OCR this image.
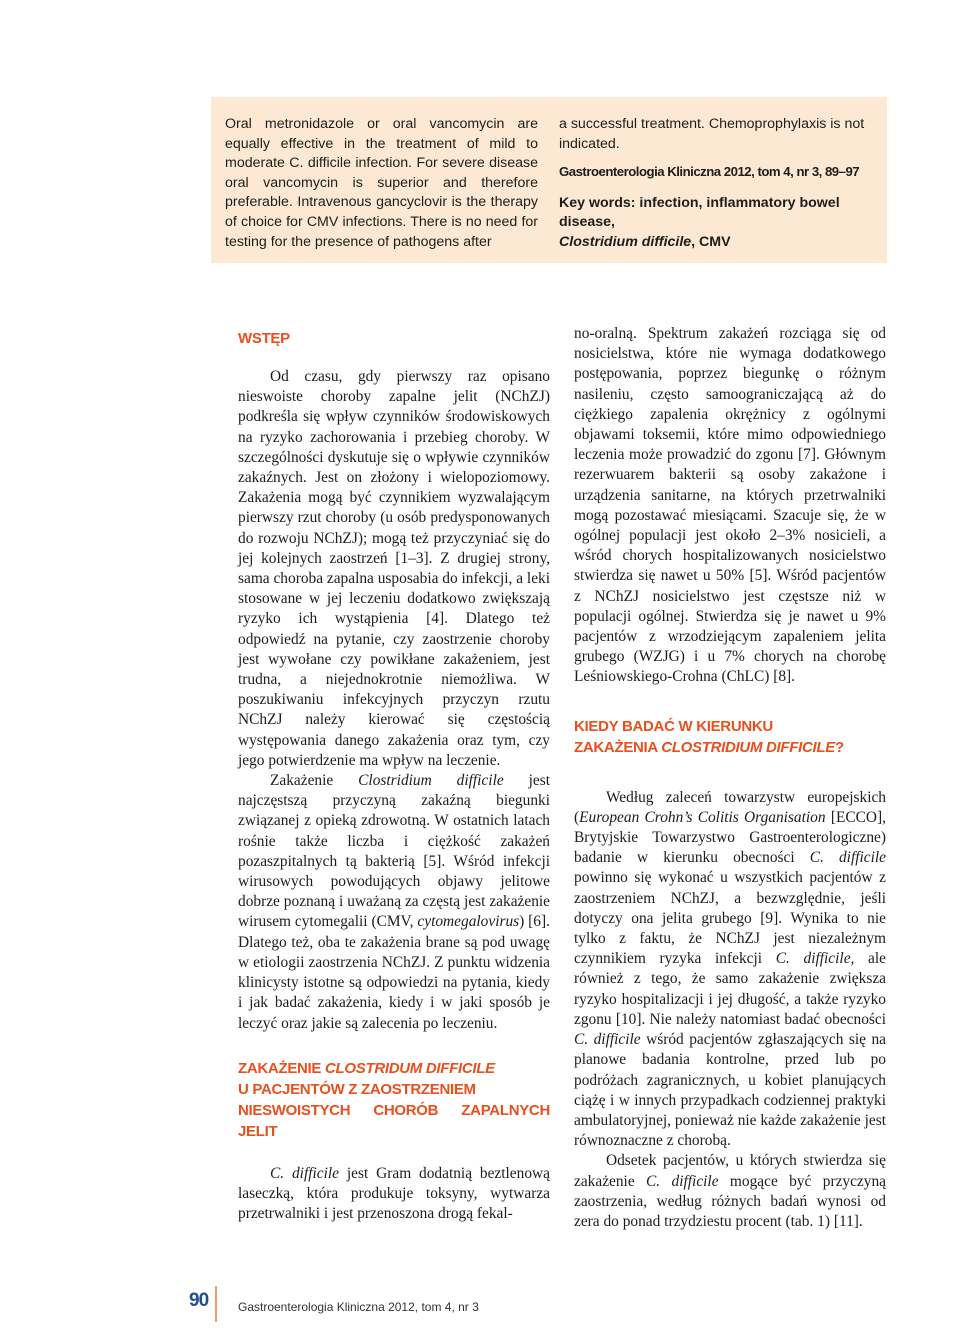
Oral metronidazole or oral vancomycin are equally effective in the treatment of mild to moderate C. difficile infection. For severe disease oral vancomycin is superior and therefore preferable. Intravenous gancyclovir is the therapy of choice for CMV infections. There is no need for testing for the presence of pathogens after
a successful treatment. Chemoprophylaxis is not indicated.
Gastroenterologia Kliniczna 2012, tom 4, nr 3, 89–97
Key words: infection, inflammatory bowel disease,
Clostridium difficile, CMV
WSTĘP

Od czasu, gdy pierwszy raz opisano nieswoiste choroby zapalne jelit (NChZJ) podkreśla się wpływ czynników środowiskowych na ryzyko zachorowania i przebieg choroby. W szczególności dyskutuje się o wpływie czynników zakaźnych. Jest on złożony i wielopoziomowy. Zakażenia mogą być czynnikiem wyzwalającym pierwszy rzut choroby (u osób predysponowanych do rozwoju NChZJ); mogą też przyczyniać się do jej kolejnych zaostrzeń [1–3]. Z drugiej strony, sama choroba zapalna usposabia do infekcji, a leki stosowane w jej leczeniu dodatkowo zwiększają ryzyko ich wystąpienia [4]. Dlatego też odpowiedź na pytanie, czy zaostrzenie choroby jest wywołane czy powikłane zakażeniem, jest trudna, a niejednokrotnie niemożliwa. W poszukiwaniu infekcyjnych przyczyn rzutu NChZJ należy kierować się częstością występowania danego zakażenia oraz tym, czy jego potwierdzenie ma wpływ na leczenie.

Zakażenie Clostridium difficile jest najczęstszą przyczyną zakaźną biegunki związanej z opieką zdrowotną. W ostatnich latach rośnie także liczba i ciężkość zakażeń pozaszpitalnych tą bakterią [5]. Wśród infekcji wirusowych powodujących objawy jelitowe dobrze poznaną i uważaną za częstą jest zakażenie wirusem cytomegalii (CMV, cytomegalovirus) [6]. Dlatego też, oba te zakażenia brane są pod uwagę w etiologii zaostrzenia NChZJ. Z punktu widzenia klinicysty istotne są odpowiedzi na pytania, kiedy i jak badać zakażenia, kiedy i w jaki sposób je leczyć oraz jakie są zalecenia po leczeniu.

ZAKAŻENIE CLOSTRIDUM DIFFICILE
U PACJENTÓW Z ZAOSTRZENIEM
NIESWOISTYCH CHORÓB ZAPALNYCH JELIT

C. difficile jest Gram dodatnią beztlenową laseczką, która produkuje toksyny, wytwarza przetrwalniki i jest przenoszona drogą fekal-

no-oralną. Spektrum zakażeń rozciąga się od nosicielstwa, które nie wymaga dodatkowego postępowania, poprzez biegunkę o różnym nasileniu, często samoograniczającą aż do ciężkiego zapalenia okrężnicy z ogólnymi objawami toksemii, które mimo odpowiedniego leczenia może prowadzić do zgonu [7]. Głównym rezerwuarem bakterii są osoby zakażone i urządzenia sanitarne, na których przetrwalniki mogą pozostawać miesiącami. Szacuje się, że w ogólnej populacji jest około 2–3% nosicieli, a wśród chorych hospitalizowanych nosicielstwo stwierdza się nawet u 50% [5]. Wśród pacjentów z NChZJ nosicielstwo jest częstsze niż w populacji ogólnej. Stwierdza się je nawet u 9% pacjentów z wrzodziejącym zapaleniem jelita grubego (WZJG) i u 7% chorych na chorobę Leśniowskiego-Crohna (ChLC) [8].

KIEDY BADAĆ W KIERUNKU
ZAKAŻENIA CLOSTRIDIUM DIFFICILE?

Według zaleceń towarzystw europejskich (European Crohn’s Colitis Organisation [ECCO], Brytyjskie Towarzystwo Gastroenterologiczne) badanie w kierunku obecności C. difficile powinno się wykonać u wszystkich pacjentów z zaostrzeniem NChZJ, a bezwzględnie, jeśli dotyczy ona jelita grubego [9]. Wynika to nie tylko z faktu, że NChZJ jest niezależnym czynnikiem ryzyka infekcji C. difficile, ale również z tego, że samo zakażenie zwiększa ryzyko hospitalizacji i jej długość, a także ryzyko zgonu [10]. Nie należy natomiast badać obecności C. difficile wśród pacjentów zgłaszających się na planowe badania kontrolne, przed lub po podróżach zagranicznych, u kobiet planujących ciążę i w innych przypadkach codziennej praktyki ambulatoryjnej, ponieważ nie każde zakażenie jest równoznaczne z chorobą.

Odsetek pacjentów, u których stwierdza się zakażenie C. difficile mogące być przyczyną zaostrzenia, według różnych badań wynosi od zera do ponad trzydziestu procent (tab. 1) [11].

90 Gastroenterologia Kliniczna 2012, tom 4, nr 3
